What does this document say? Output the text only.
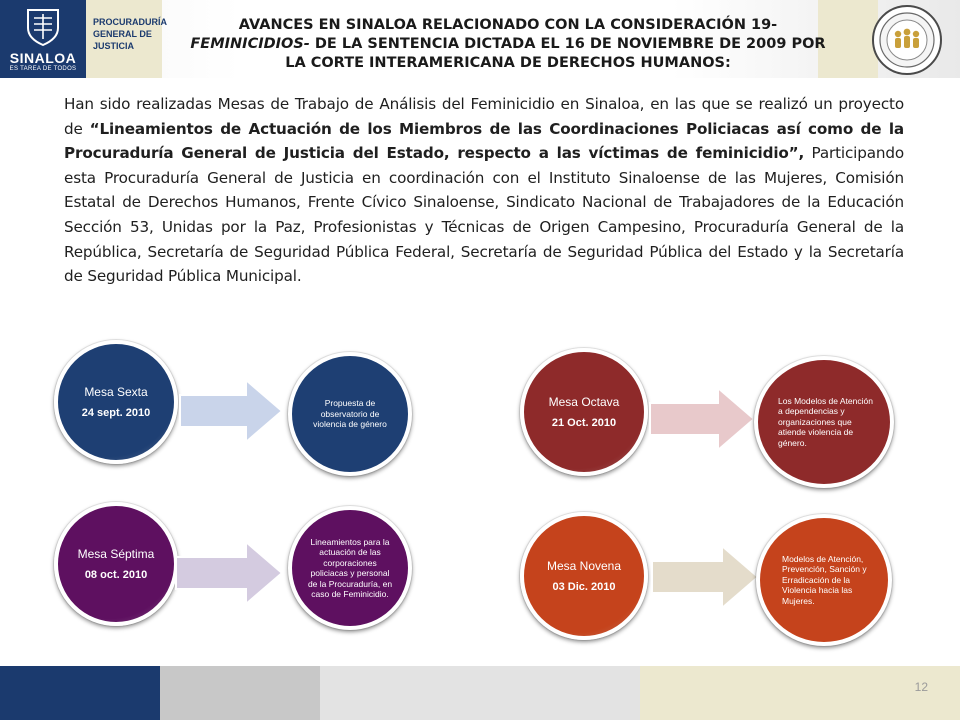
SINALOA
ES TAREA DE TODOS
PROCURADURÍA
GENERAL DE
JUSTICIA
AVANCES EN SINALOA RELACIONADO CON LA CONSIDERACIÓN 19-
FEMINICIDIOS- DE LA SENTENCIA DICTADA EL 16 DE NOVIEMBRE DE 2009 POR
LA CORTE INTERAMERICANA DE DERECHOS HUMANOS:
Han sido realizadas Mesas de Trabajo de Análisis del Feminicidio en Sinaloa, en las que se realizó un proyecto de “Lineamientos de Actuación de los Miembros de las Coordinaciones Policiacas así como de la Procuraduría General de Justicia del Estado, respecto a las víctimas de feminicidio”, Participando esta Procuraduría General de Justicia en coordinación con el Instituto Sinaloense de las Mujeres, Comisión Estatal de Derechos Humanos, Frente Cívico Sinaloense, Sindicato Nacional de Trabajadores de la Educación Sección 53, Unidas por la Paz, Profesionistas y Técnicas de Origen Campesino, Procuraduría General de la República, Secretaría de Seguridad Pública Federal, Secretaría de Seguridad Pública del Estado y la Secretaría de Seguridad Pública Municipal.
Mesa Sexta
24 sept. 2010
Propuesta de observatorio de violencia de género
Mesa Séptima
08 oct. 2010
Lineamientos para la actuación de las corporaciones policiacas y personal de la Procuraduría, en caso de Feminicidio.
Mesa Octava
21 Oct. 2010
Los Modelos de Atención a dependencias y organizaciones que atiende violencia de género.
Mesa Novena
03 Dic. 2010
Modelos de Atención, Prevención, Sanción y Erradicación de la Violencia hacia las Mujeres.
12
